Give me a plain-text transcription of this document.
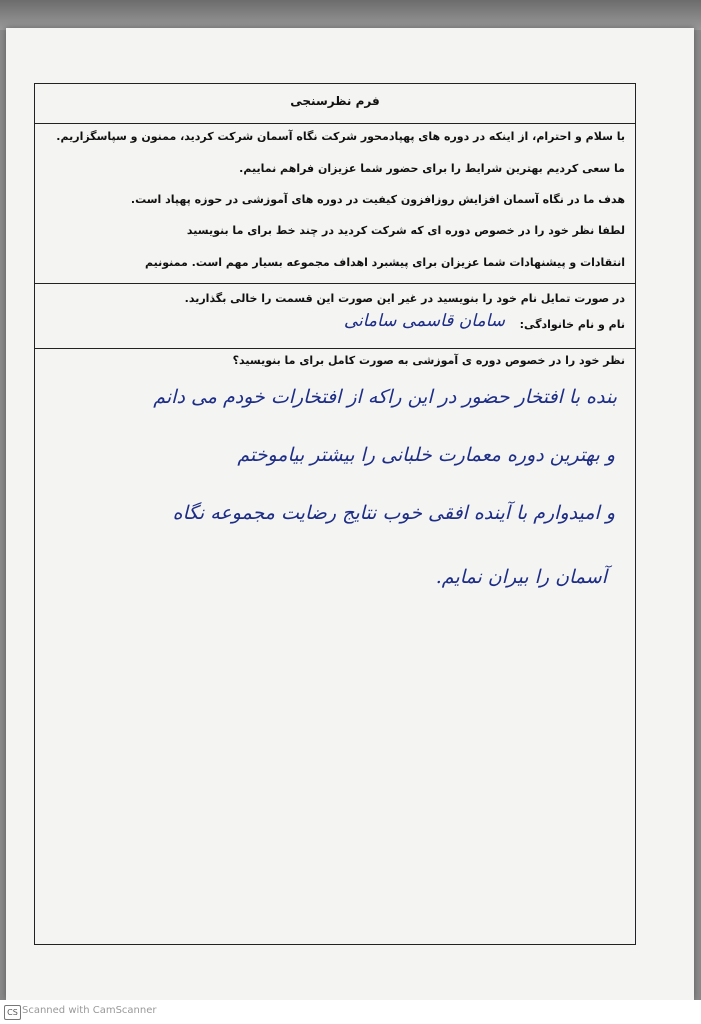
فرم نظرسنجی
با سلام و احترام، از اینکه در دوره های پهپادمحور شرکت نگاه آسمان شرکت کردید، ممنون و سپاسگزاریم.
ما سعی کردیم بهترین شرایط را برای حضور شما عزیزان فراهم نماییم.
هدف ما در نگاه آسمان افزایش روزافزون کیفیت در دوره های آموزشی در حوزه پهپاد است.
لطفا نظر خود را در خصوص دوره ای که شرکت کردید در چند خط برای ما بنویسید
انتقادات و پیشنهادات شما عزیزان برای پیشبرد اهداف مجموعه بسیار مهم است. ممنونیم
در صورت تمایل نام خود را بنویسید در غیر این صورت این قسمت را خالی بگذارید.
نام و نام خانوادگی:
سامان قاسمی سامانی
نظر خود را در خصوص دوره ی آموزشی به صورت کامل برای ما بنویسید؟
بنده با افتخار حضور در این راکه از افتخارات خودم می دانم
و بهترین دوره معمارت خلبانی را بیشتر بیاموختم
و امیدوارم با آینده افقی خوب نتایج رضایت مجموعه نگاه
آسمان را بیران نمایم.
CS Scanned with CamScanner
